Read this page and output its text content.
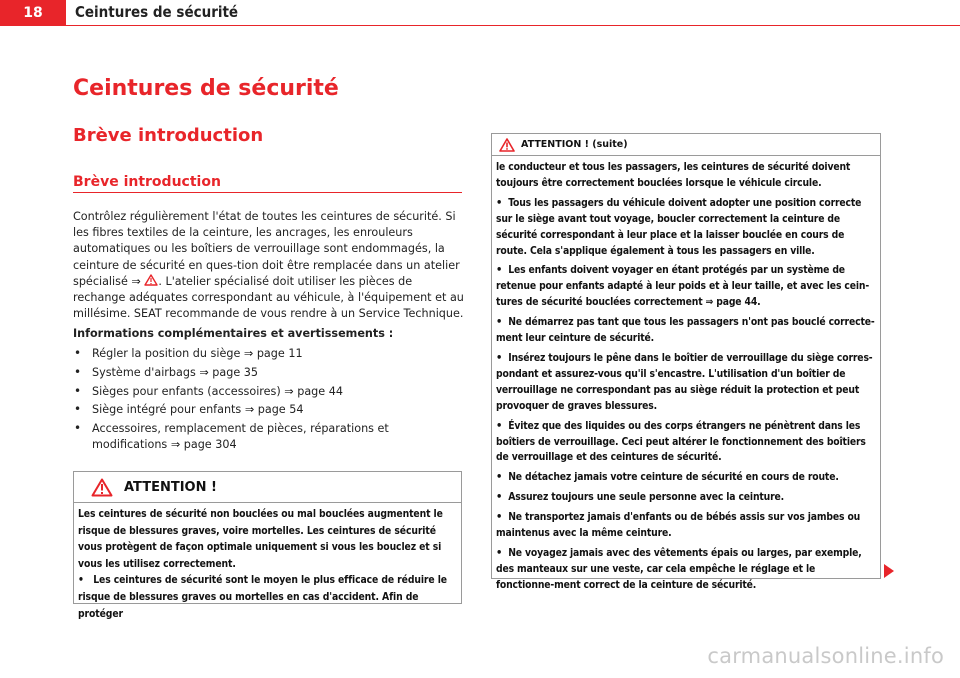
18	Ceintures de sécurité
Ceintures de sécurité
Brève introduction
Brève introduction

Contrôlez régulièrement l'état de toutes les ceintures de sécurité. Si les fibres textiles de la ceinture, les ancrages, les enrouleurs automatiques ou les boîtiers de verrouillage sont endommagés, la ceinture de sécurité en ques-tion doit être remplacée dans un atelier spécialisé ⇒ . L'atelier spécialisé doit utiliser les pièces de rechange adéquates correspondant au véhicule, à l'équipement et au millésime. SEAT recommande de vous rendre à un Service Technique.

Informations complémentaires et avertissements :
• Régler la position du siège ⇒ page 11
• Système d'airbags ⇒ page 35
• Sièges pour enfants (accessoires) ⇒ page 44
• Siège intégré pour enfants ⇒ page 54
• Accessoires, remplacement de pièces, réparations et modifications ⇒ page 304
ATTENTION !
Les ceintures de sécurité non bouclées ou mal bouclées augmentent le risque de blessures graves, voire mortelles. Les ceintures de sécurité vous protègent de façon optimale uniquement si vous les bouclez et si vous les utilisez correctement.
• Les ceintures de sécurité sont le moyen le plus efficace de réduire le risque de blessures graves ou mortelles en cas d'accident. Afin de protéger
ATTENTION ! (suite)

le conducteur et tous les passagers, les ceintures de sécurité doivent toujours être correctement bouclées lorsque le véhicule circule.

• Tous les passagers du véhicule doivent adopter une position correcte sur le siège avant tout voyage, boucler correctement la ceinture de sécurité correspondant à leur place et la laisser bouclée en cours de route. Cela s'applique également à tous les passagers en ville.

• Les enfants doivent voyager en étant protégés par un système de retenue pour enfants adapté à leur poids et à leur taille, et avec les cein-tures de sécurité bouclées correctement ⇒ page 44.

• Ne démarrez pas tant que tous les passagers n'ont pas bouclé correcte-ment leur ceinture de sécurité.

• Insérez toujours le pêne dans le boîtier de verrouillage du siège corres-pondant et assurez-vous qu'il s'encastre. L'utilisation d'un boîtier de verrouillage ne correspondant pas au siège réduit la protection et peut provoquer de graves blessures.

• Évitez que des liquides ou des corps étrangers ne pénètrent dans les boîtiers de verrouillage. Ceci peut altérer le fonctionnement des boîtiers de verrouillage et des ceintures de sécurité.

• Ne détachez jamais votre ceinture de sécurité en cours de route.

• Assurez toujours une seule personne avec la ceinture.

• Ne transportez jamais d'enfants ou de bébés assis sur vos jambes ou maintenus avec la même ceinture.

• Ne voyagez jamais avec des vêtements épais ou larges, par exemple, des manteaux sur une veste, car cela empêche le réglage et le fonctionne-ment correct de la ceinture de sécurité.

carmanualsonline.info
